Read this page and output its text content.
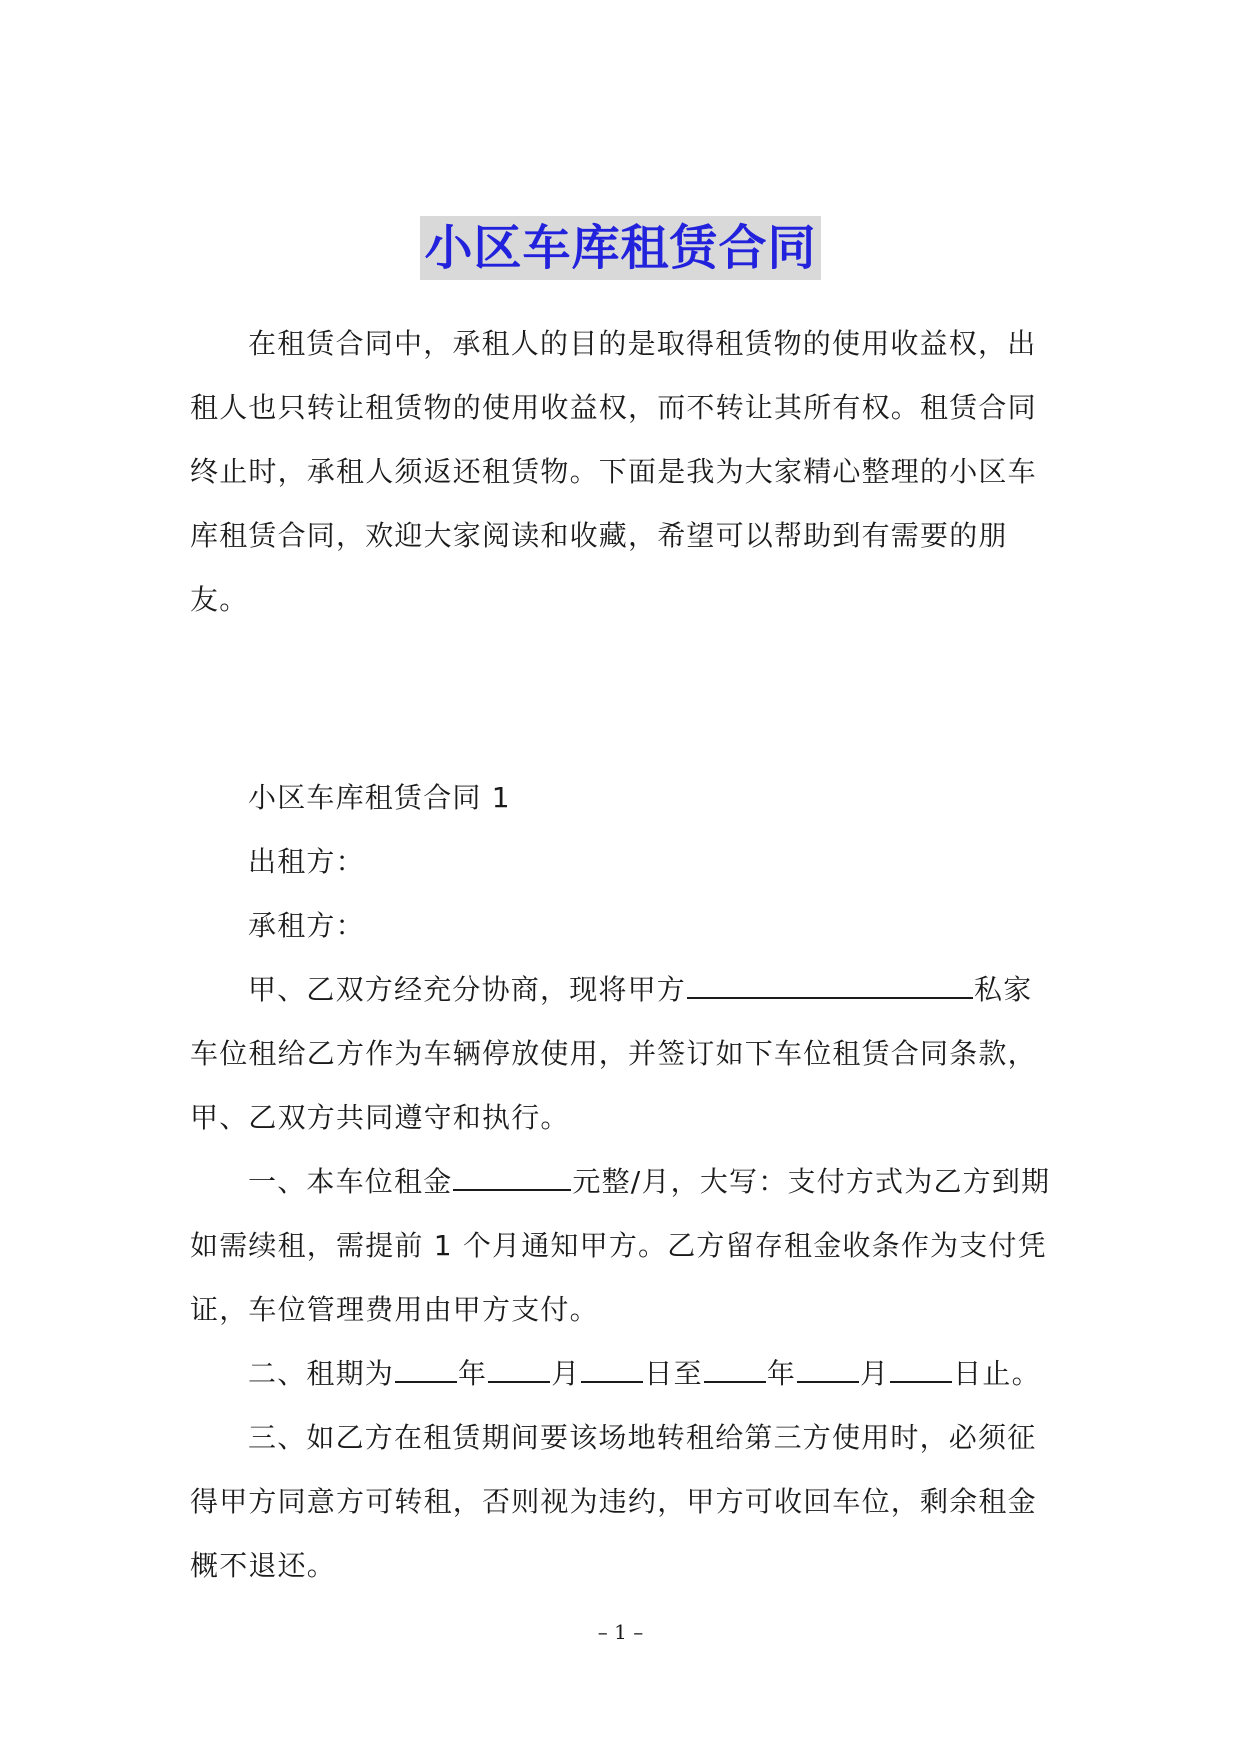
小区车库租赁合同

在租赁合同中，承租人的目的是取得租赁物的使用收益权，出租人也只转让租赁物的使用收益权，而不转让其所有权。租赁合同终止时，承租人须返还租赁物。下面是我为大家精心整理的小区车库租赁合同，欢迎大家阅读和收藏，希望可以帮助到有需要的朋友。

小区车库租赁合同 1

出租方：

承租方：

甲、乙双方经充分协商，现将甲方	私家车位租给乙方作为车辆停放使用，并签订如下车位租赁合同条款，甲、乙双方共同遵守和执行。

一、本车位租金	元整/月，大写：支付方式为乙方到期如需续租，需提前 1 个月通知甲方。乙方留存租金收条作为支付凭证，车位管理费用由甲方支付。

二、租期为 年 月 日至 年 月 日止。

三、如乙方在租赁期间要该场地转租给第三方使用时，必须征得甲方同意方可转租，否则视为违约，甲方可收回车位，剩余租金概不退还。

– 1 –
